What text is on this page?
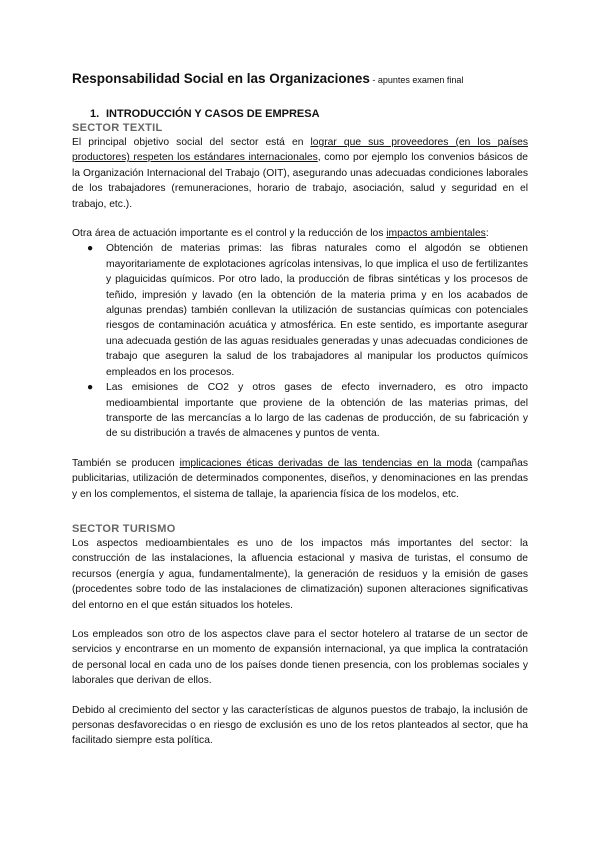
Responsabilidad Social en las Organizaciones - apuntes examen final
1. INTRODUCCIÓN Y CASOS DE EMPRESA
SECTOR TEXTIL

El principal objetivo social del sector está en lograr que sus proveedores (en los países productores) respeten los estándares internacionales, como por ejemplo los convenios básicos de la Organización Internacional del Trabajo (OIT), asegurando unas adecuadas condiciones laborales de los trabajadores (remuneraciones, horario de trabajo, asociación, salud y seguridad en el trabajo, etc.).

Otra área de actuación importante es el control y la reducción de los impactos ambientales:

● Obtención de materias primas: las fibras naturales como el algodón se obtienen mayoritariamente de explotaciones agrícolas intensivas, lo que implica el uso de fertilizantes y plaguicidas químicos. Por otro lado, la producción de fibras sintéticas y los procesos de teñido, impresión y lavado (en la obtención de la materia prima y en los acabados de algunas prendas) también conllevan la utilización de sustancias químicas con potenciales riesgos de contaminación acuática y atmosférica. En este sentido, es importante asegurar una adecuada gestión de las aguas residuales generadas y unas adecuadas condiciones de trabajo que aseguren la salud de los trabajadores al manipular los productos químicos empleados en los procesos.
● Las emisiones de CO2 y otros gases de efecto invernadero, es otro impacto medioambiental importante que proviene de la obtención de las materias primas, del transporte de las mercancías a lo largo de las cadenas de producción, de su fabricación y de su distribución a través de almacenes y puntos de venta.

También se producen implicaciones éticas derivadas de las tendencias en la moda (campañas publicitarias, utilización de determinados componentes, diseños, y denominaciones en las prendas y en los complementos, el sistema de tallaje, la apariencia física de los modelos, etc.

SECTOR TURISMO

Los aspectos medioambientales es uno de los impactos más importantes del sector: la construcción de las instalaciones, la afluencia estacional y masiva de turistas, el consumo de recursos (energía y agua, fundamentalmente), la generación de residuos y la emisión de gases (procedentes sobre todo de las instalaciones de climatización) suponen alteraciones significativas del entorno en el que están situados los hoteles.

Los empleados son otro de los aspectos clave para el sector hotelero al tratarse de un sector de servicios y encontrarse en un momento de expansión internacional, ya que implica la contratación de personal local en cada uno de los países donde tienen presencia, con los problemas sociales y laborales que derivan de ellos.

Debido al crecimiento del sector y las características de algunos puestos de trabajo, la inclusión de personas desfavorecidas o en riesgo de exclusión es uno de los retos planteados al sector, que ha facilitado siempre esta política.
